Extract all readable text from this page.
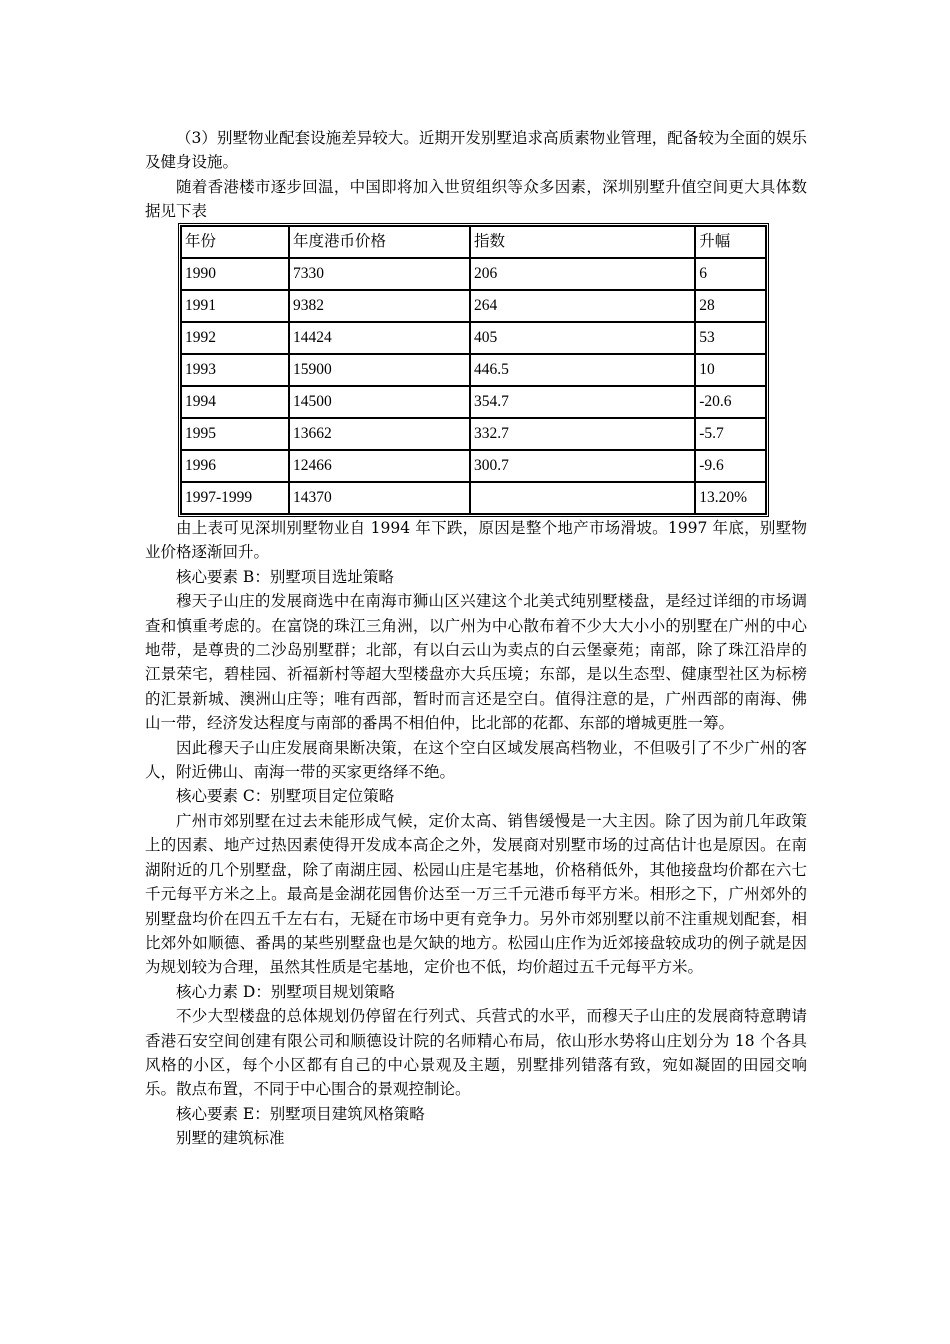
（3）别墅物业配套设施差异较大。近期开发别墅追求高质素物业管理，配备较为全面的娱乐及健身设施。

随着香港楼市逐步回温，中国即将加入世贸组织等众多因素，深圳别墅升值空间更大具体数据见下表

年份	年度港币价格	指数	升幅
1990	7330	206	6
1991	9382	264	28
1992	14424	405	53
1993	15900	446.5	10
1994	14500	354.7	-20.6
1995	13662	332.7	-5.7
1996	12466	300.7	-9.6
1997-1999	14370		13.20%

由上表可见深圳别墅物业自 1994 年下跌，原因是整个地产市场滑坡。1997 年底，别墅物业价格逐渐回升。

核心要素 B：别墅项目选址策略

穆天子山庄的发展商选中在南海市狮山区兴建这个北美式纯别墅楼盘，是经过详细的市场调查和慎重考虑的。在富饶的珠江三角洲，以广州为中心散布着不少大大小小的别墅在广州的中心地带，是尊贵的二沙岛别墅群；北部，有以白云山为卖点的白云堡豪苑；南部，除了珠江沿岸的江景荣宅，碧桂园、祈福新村等超大型楼盘亦大兵压境；东部，是以生态型、健康型社区为标榜的汇景新城、澳洲山庄等；唯有西部，暂时而言还是空白。值得注意的是，广州西部的南海、佛山一带，经济发达程度与南部的番禺不相伯仲，比北部的花都、东部的增城更胜一筹。

因此穆天子山庄发展商果断决策，在这个空白区域发展高档物业，不但吸引了不少广州的客人，附近佛山、南海一带的买家更络绎不绝。

核心要素 C：别墅项目定位策略

广州市郊别墅在过去未能形成气候，定价太高、销售缓慢是一大主因。除了因为前几年政策上的因素、地产过热因素使得开发成本高企之外，发展商对别墅市场的过高估计也是原因。在南湖附近的几个别墅盘，除了南湖庄园、松园山庄是宅基地，价格稍低外，其他接盘均价都在六七千元每平方米之上。最高是金湖花园售价达至一万三千元港币每平方米。相形之下，广州郊外的别墅盘均价在四五千左右右，无疑在市场中更有竞争力。另外市郊别墅以前不注重规划配套，相比郊外如顺德、番禺的某些别墅盘也是欠缺的地方。松园山庄作为近郊接盘较成功的例子就是因为规划较为合理，虽然其性质是宅基地，定价也不低，均价超过五千元每平方米。

核心力素 D：别墅项目规划策略

不少大型楼盘的总体规划仍停留在行列式、兵营式的水平，而穆天子山庄的发展商特意聘请香港石安空间创建有限公司和顺德设计院的名师精心布局，依山形水势将山庄划分为 18 个各具风格的小区，每个小区都有自己的中心景观及主题，别墅排列错落有致，宛如凝固的田园交响乐。散点布置，不同于中心围合的景观控制论。

核心要素 E：别墅项目建筑风格策略

别墅的建筑标准
